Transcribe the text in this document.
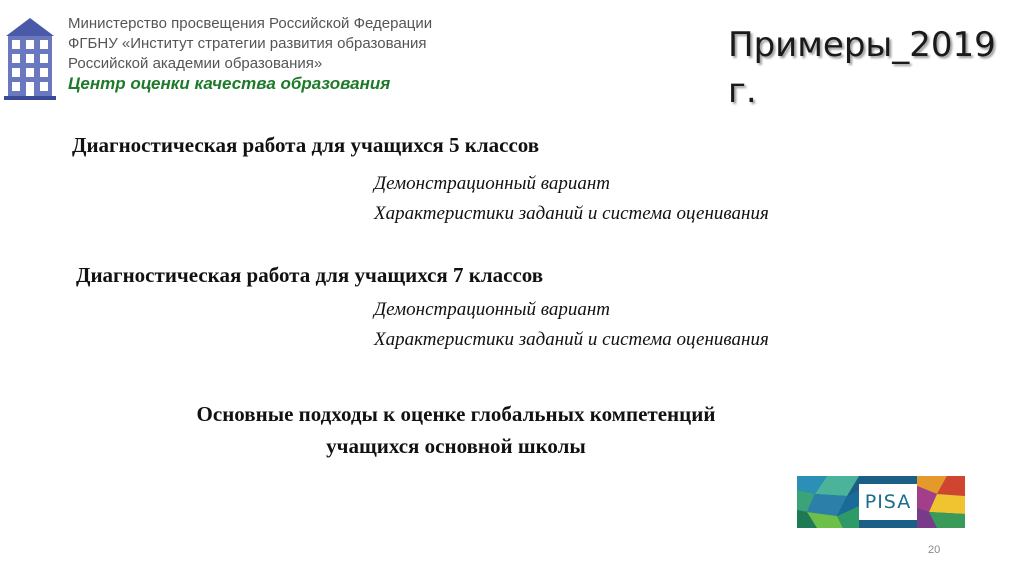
Министерство просвещения Российской Федерации
ФГБНУ «Институт стратегии развития образования
Российской академии образования»
Центр оценки качества образования
Примеры_2019 г.
Диагностическая работа для учащихся 5 классов
Демонстрационный вариант
Характеристики заданий и система оценивания
Диагностическая работа для учащихся 7 классов
Демонстрационный вариант
Характеристики заданий и система оценивания
Основные подходы к оценке глобальных компетенций
учащихся основной школы
PISA
20
